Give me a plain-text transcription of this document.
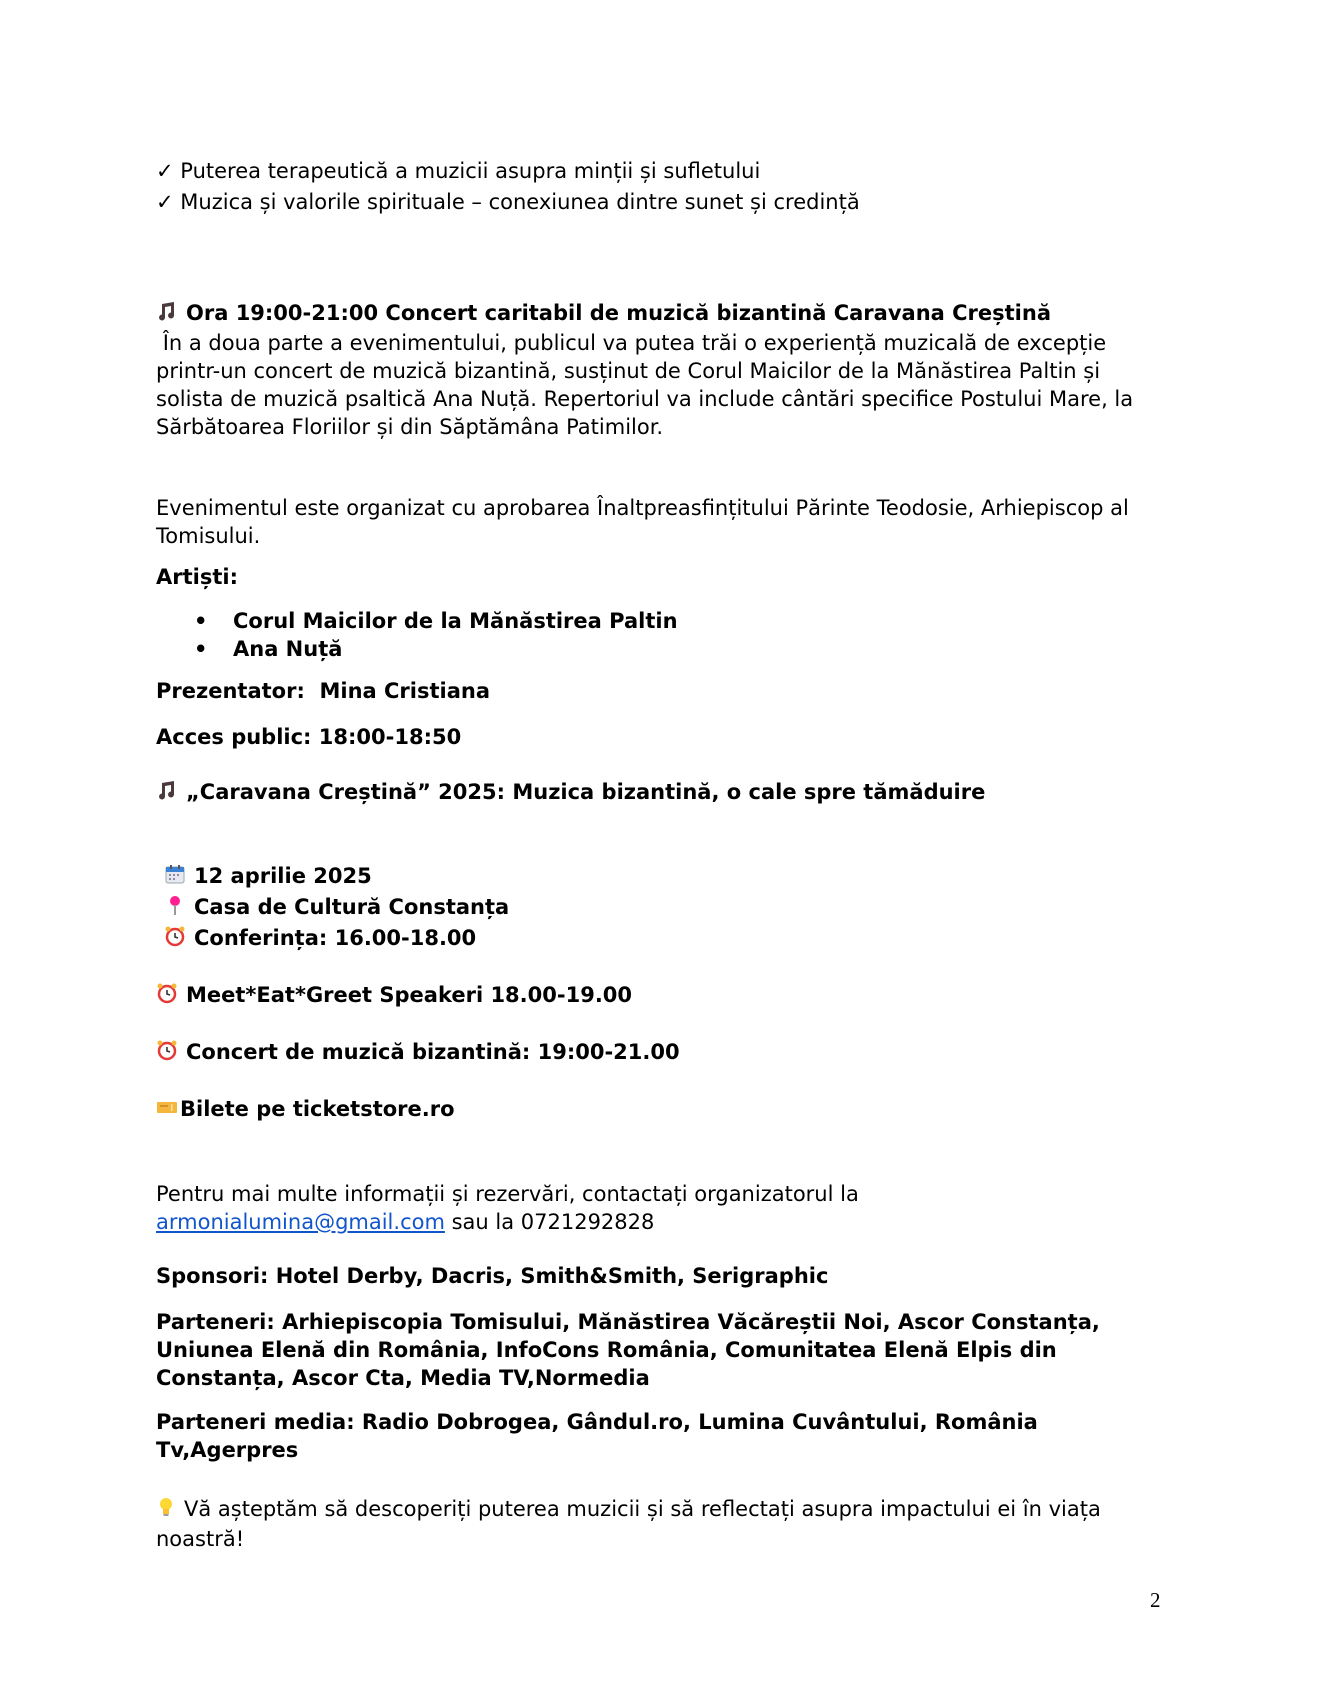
✓ Puterea terapeutică a muzicii asupra minții și sufletului
✓ Muzica și valorile spirituale – conexiunea dintre sunet și credință
Ora 19:00-21:00 Concert caritabil de muzică bizantină Caravana Creștină
În a doua parte a evenimentului, publicul va putea trăi o experiență muzicală de excepție printr-un concert de muzică bizantină, susținut de Corul Maicilor de la Mănăstirea Paltin și solista de muzică psaltică Ana Nuță. Repertoriul va include cântări specifice Postului Mare, la Sărbătoarea Floriilor și din Săptămâna Patimilor.
Evenimentul este organizat cu aprobarea Înaltpreasfințitului Părinte Teodosie, Arhiepiscop al Tomisului.
Artiști:
• Corul Maicilor de la Mănăstirea Paltin
• Ana Nuță
Prezentator:  Mina Cristiana
Acces public: 18:00-18:50
„Caravana Creștină” 2025: Muzica bizantină, o cale spre tămăduire
12 aprilie 2025
Casa de Cultură Constanța
Conferința: 16.00-18.00
Meet*Eat*Greet Speakeri 18.00-19.00
Concert de muzică bizantină: 19:00-21.00
Bilete pe ticketstore.ro
Pentru mai multe informații și rezervări, contactați organizatorul la
armonialumina@gmail.com sau la 0721292828
Sponsori: Hotel Derby, Dacris, Smith&Smith, Serigraphic
Parteneri: Arhiepiscopia Tomisului, Mănăstirea Văcăreștii Noi, Ascor Constanța, Uniunea Elenă din România, InfoCons România, Comunitatea Elenă Elpis din Constanța, Ascor Cta, Media TV,Normedia
Parteneri media: Radio Dobrogea, Gândul.ro, Lumina Cuvântului, România Tv,Agerpres
Vă așteptăm să descoperiți puterea muzicii și să reflectați asupra impactului ei în viața noastră!
2
